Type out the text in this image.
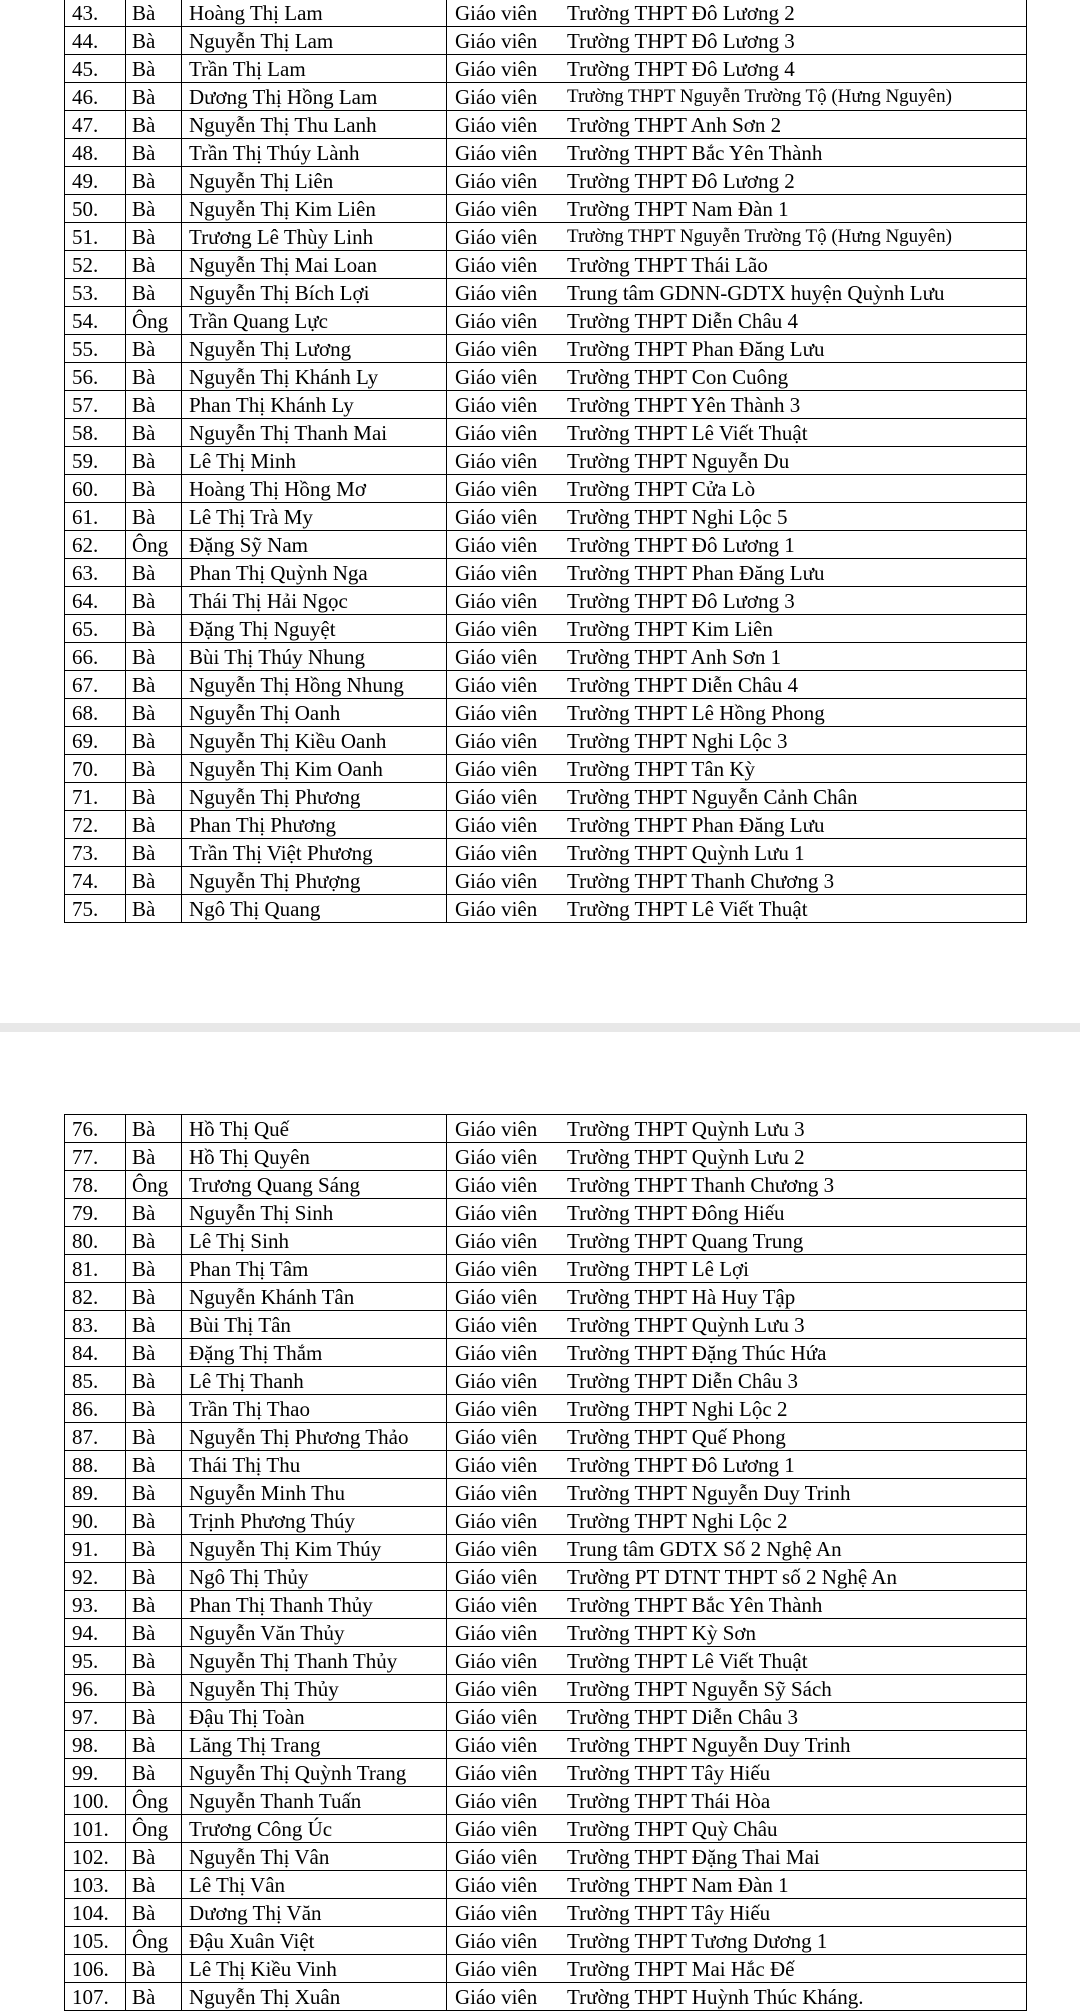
43.	Bà	Hoàng Thị Lam	Giáo viên Trường THPT Đô Lương 2

44.	Bà	Nguyễn Thị Lam	Giáo viên Trường THPT Đô Lương 3

45.	Bà	Trần Thị Lam	Giáo viên Trường THPT Đô Lương 4

46.	Bà	Dương Thị Hồng Lam	Giáo viên Trường THPT Nguyễn Trường Tộ (Hưng Nguyên)

47.	Bà	Nguyễn Thị Thu Lanh	Giáo viên Trường THPT Anh Sơn 2

48.	Bà	Trần Thị Thúy Lành	Giáo viên Trường THPT Bắc Yên Thành

49.	Bà	Nguyễn Thị Liên	Giáo viên Trường THPT Đô Lương 2

50.	Bà	Nguyễn Thị Kim Liên	Giáo viên Trường THPT Nam Đàn 1

51.	Bà	Trương Lê Thùy Linh	Giáo viên Trường THPT Nguyễn Trường Tộ (Hưng Nguyên)

52.	Bà	Nguyễn Thị Mai Loan	Giáo viên Trường THPT Thái Lão

53.	Bà	Nguyễn Thị Bích Lợi	Giáo viên Trung tâm GDNN-GDTX huyện Quỳnh Lưu

54.	Ông	Trần Quang Lực	Giáo viên Trường THPT Diễn Châu 4

55.	Bà	Nguyễn Thị Lương	Giáo viên Trường THPT Phan Đăng Lưu

56.	Bà	Nguyễn Thị Khánh Ly	Giáo viên Trường THPT Con Cuông

57.	Bà	Phan Thị Khánh Ly	Giáo viên Trường THPT Yên Thành 3

58.	Bà	Nguyễn Thị Thanh Mai	Giáo viên Trường THPT Lê Viết Thuật

59.	Bà	Lê Thị Minh	Giáo viên Trường THPT Nguyễn Du

60.	Bà	Hoàng Thị Hồng Mơ	Giáo viên Trường THPT Cửa Lò

61.	Bà	Lê Thị Trà My	Giáo viên Trường THPT Nghi Lộc 5

62.	Ông	Đặng Sỹ Nam	Giáo viên Trường THPT Đô Lương 1

63.	Bà	Phan Thị Quỳnh Nga	Giáo viên Trường THPT Phan Đăng Lưu

64.	Bà	Thái Thị Hải Ngọc	Giáo viên Trường THPT Đô Lương 3

65.	Bà	Đặng Thị Nguyệt	Giáo viên Trường THPT Kim Liên

66.	Bà	Bùi Thị Thúy Nhung	Giáo viên Trường THPT Anh Sơn 1

67.	Bà	Nguyễn Thị Hồng Nhung	Giáo viên Trường THPT Diễn Châu 4

68.	Bà	Nguyễn Thị Oanh	Giáo viên Trường THPT Lê Hồng Phong

69.	Bà	Nguyễn Thị Kiều Oanh	Giáo viên Trường THPT Nghi Lộc 3

70.	Bà	Nguyễn Thị Kim Oanh	Giáo viên Trường THPT Tân Kỳ

71.	Bà	Nguyễn Thị Phương	Giáo viên Trường THPT Nguyễn Cảnh Chân

72.	Bà	Phan Thị Phương	Giáo viên Trường THPT Phan Đăng Lưu

73.	Bà	Trần Thị Việt Phương	Giáo viên Trường THPT Quỳnh Lưu 1

74.	Bà	Nguyễn Thị Phượng	Giáo viên Trường THPT Thanh Chương 3

75.	Bà	Ngô Thị Quang	Giáo viên Trường THPT Lê Viết Thuật
76.	Bà	Hồ Thị Quế	Giáo viên Trường THPT Quỳnh Lưu 3

77.	Bà	Hồ Thị Quyên	Giáo viên Trường THPT Quỳnh Lưu 2

78.	Ông	Trương Quang Sáng	Giáo viên Trường THPT Thanh Chương 3

79.	Bà	Nguyễn Thị Sinh	Giáo viên Trường THPT Đông Hiếu

80.	Bà	Lê Thị Sinh	Giáo viên Trường THPT Quang Trung

81.	Bà	Phan Thị Tâm	Giáo viên Trường THPT Lê Lợi

82.	Bà	Nguyễn Khánh Tân	Giáo viên Trường THPT Hà Huy Tập

83.	Bà	Bùi Thị Tân	Giáo viên Trường THPT Quỳnh Lưu 3

84.	Bà	Đặng Thị Thắm	Giáo viên Trường THPT Đặng Thúc Hứa

85.	Bà	Lê Thị Thanh	Giáo viên Trường THPT Diễn Châu 3

86.	Bà	Trần Thị Thao	Giáo viên Trường THPT Nghi Lộc 2

87.	Bà	Nguyễn Thị Phương Thảo	Giáo viên Trường THPT Quế Phong

88.	Bà	Thái Thị Thu	Giáo viên Trường THPT Đô Lương 1

89.	Bà	Nguyễn Minh Thu	Giáo viên Trường THPT Nguyễn Duy Trinh

90.	Bà	Trịnh Phương Thúy	Giáo viên Trường THPT Nghi Lộc 2

91.	Bà	Nguyễn Thị Kim Thúy	Giáo viên Trung tâm GDTX Số 2 Nghệ An

92.	Bà	Ngô Thị Thủy	Giáo viên Trường PT DTNT THPT số 2 Nghệ An

93.	Bà	Phan Thị Thanh Thủy	Giáo viên Trường THPT Bắc Yên Thành

94.	Bà	Nguyễn Văn Thủy	Giáo viên Trường THPT Kỳ Sơn

95.	Bà	Nguyễn Thị Thanh Thủy	Giáo viên Trường THPT Lê Viết Thuật

96.	Bà	Nguyễn Thị Thủy	Giáo viên Trường THPT Nguyễn Sỹ Sách

97.	Bà	Đậu Thị Toàn	Giáo viên Trường THPT Diễn Châu 3

98.	Bà	Lăng Thị Trang	Giáo viên Trường THPT Nguyễn Duy Trinh

99.	Bà	Nguyễn Thị Quỳnh Trang	Giáo viên Trường THPT Tây Hiếu

100.	Ông	Nguyễn Thanh Tuấn	Giáo viên Trường THPT Thái Hòa

101.	Ông	Trương Công Úc	Giáo viên Trường THPT Quỳ Châu

102.	Bà	Nguyễn Thị Vân	Giáo viên Trường THPT Đặng Thai Mai

103.	Bà	Lê Thị Vân	Giáo viên Trường THPT Nam Đàn 1

104.	Bà	Dương Thị Văn	Giáo viên Trường THPT Tây Hiếu

105.	Ông	Đậu Xuân Việt	Giáo viên Trường THPT Tương Dương 1

106.	Bà	Lê Thị Kiều Vinh	Giáo viên Trường THPT Mai Hắc Đế

107.	Bà	Nguyễn Thị Xuân	Giáo viên Trường THPT Huỳnh Thúc Kháng.
